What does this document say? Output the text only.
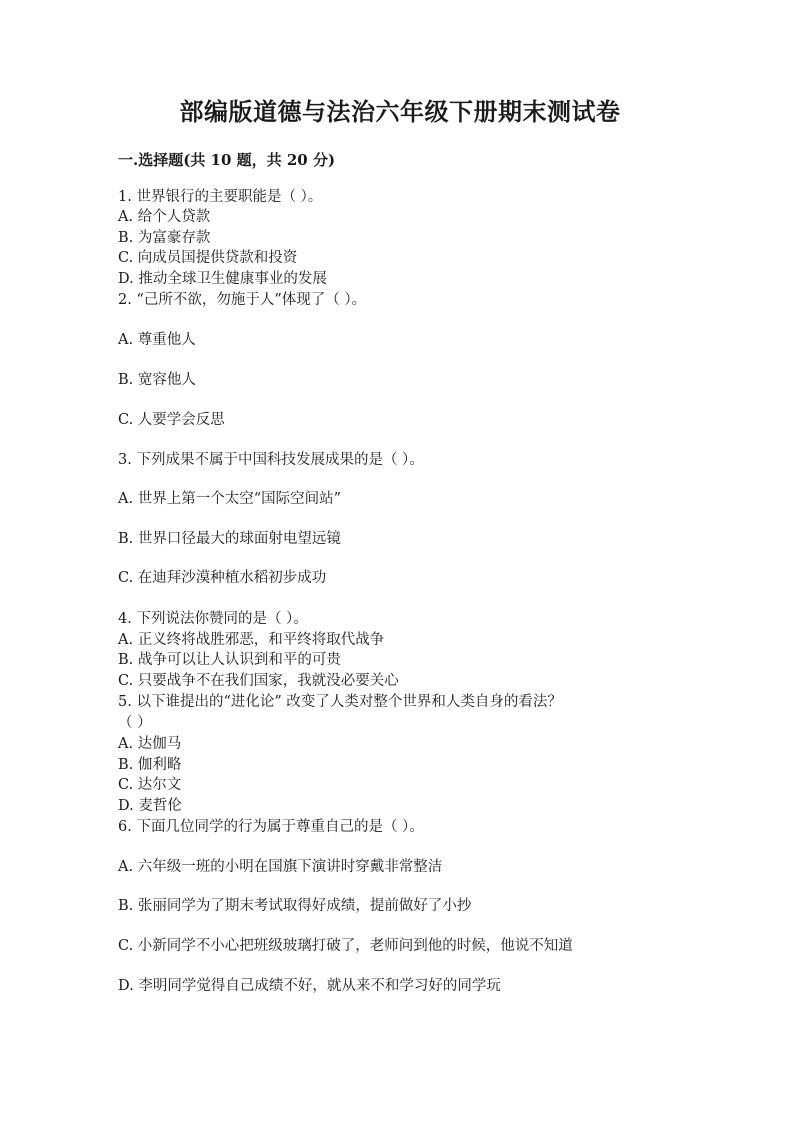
部编版道德与法治六年级下册期末测试卷
一.选择题(共 10 题，共 20 分)

1. 世界银行的主要职能是（ ）。

A. 给个人贷款

B. 为富豪存款

C. 向成员国提供贷款和投资

D. 推动全球卫生健康事业的发展

2. “己所不欲，勿施于人”体现了（ ）。

A. 尊重他人

B. 宽容他人

C. 人要学会反思

3. 下列成果不属于中国科技发展成果的是（ ）。

A. 世界上第一个太空“国际空间站”

B. 世界口径最大的球面射电望远镜

C. 在迪拜沙漠种植水稻初步成功

4. 下列说法你赞同的是（ ）。

A. 正义终将战胜邪恶，和平终将取代战争

B. 战争可以让人认识到和平的可贵

C. 只要战争不在我们国家，我就没必要关心

5. 以下谁提出的“进化论” 改变了人类对整个世界和人类自身的看法？

（ ）

A. 达伽马

B. 伽利略

C. 达尔文

D. 麦哲伦

6. 下面几位同学的行为属于尊重自己的是（ ）。

A. 六年级一班的小明在国旗下演讲时穿戴非常整洁

B. 张丽同学为了期末考试取得好成绩，提前做好了小抄

C. 小新同学不小心把班级玻璃打破了，老师问到他的时候，他说不知道

D. 李明同学觉得自己成绩不好，就从来不和学习好的同学玩
